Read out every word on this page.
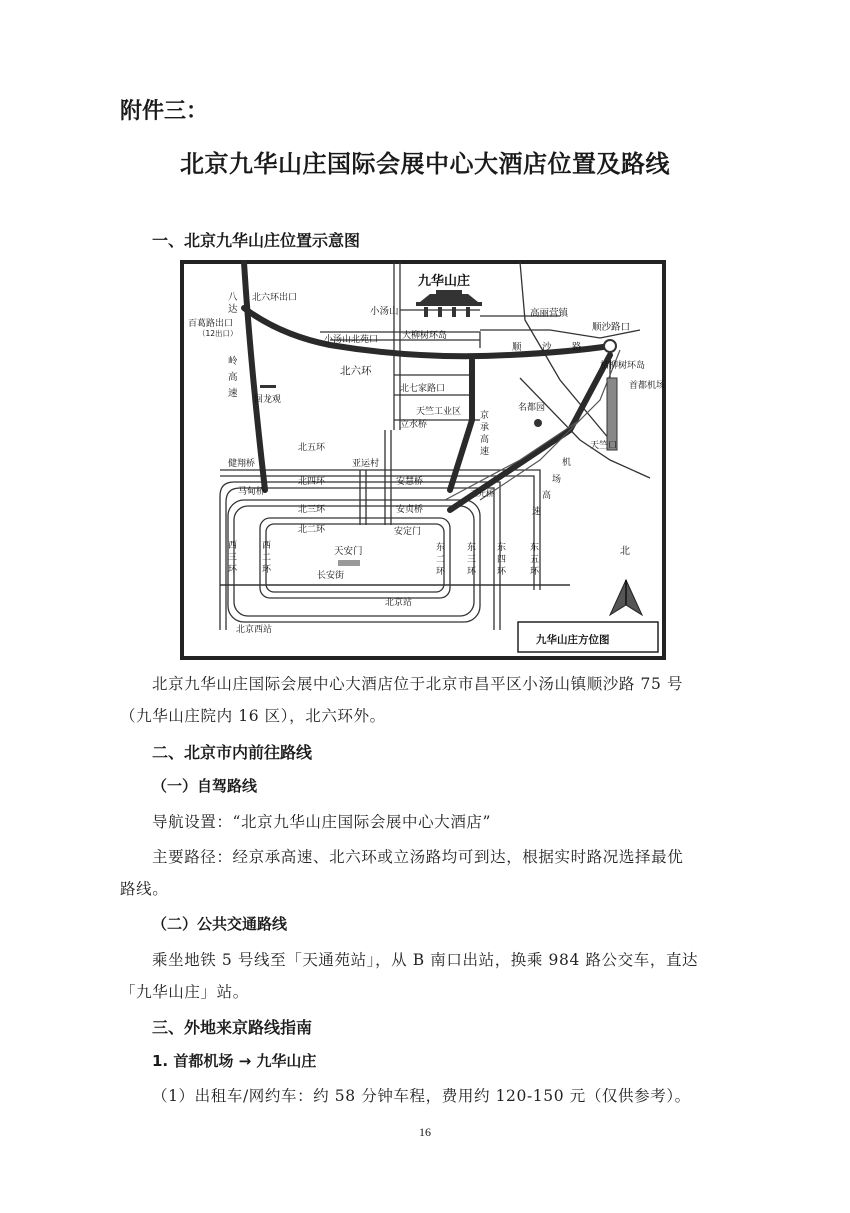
附件三：
北京九华山庄国际会展中心大酒店位置及路线
一、北京九华山庄位置示意图
九华山庄
小汤山	高丽营镇
顺沙路口
八
达
岭
高
速
北六环出口
百葛路出口
（12出口）
小汤山北苑口	大柳树环岛
顺 沙 路
桔柳树环岛
北六环
北七家路口	首都机场
回龙观
天竺工业区
立水桥
名都园
京
承
高
速
天竺口
北五环
健翔桥	亚运村	机
场
高
速
马甸桥
北四环	安慧桥
三元桥
北三环	安贞桥
北二环	安定门
西
三
环
西
二
环
天安门
长安街
东
二
环
东
三
环
东
四
环
东
五
环
北
北京站
北京西站
九华山庄方位图
北京九华山庄国际会展中心大酒店位于北京市昌平区小汤山镇顺沙路 75 号
（九华山庄院内 16 区），北六环外。
二、北京市内前往路线
（一）自驾路线
导航设置：“北京九华山庄国际会展中心大酒店”
主要路径：经京承高速、北六环或立汤路均可到达，根据实时路况选择最优
路线。
（二）公共交通路线
乘坐地铁 5 号线至「天通苑站」，从 B 南口出站，换乘 984 路公交车，直达
「九华山庄」站。
三、外地来京路线指南
1. 首都机场 → 九华山庄
（1）出租车/网约车：约 58 分钟车程，费用约 120-150 元（仅供参考）。
16
